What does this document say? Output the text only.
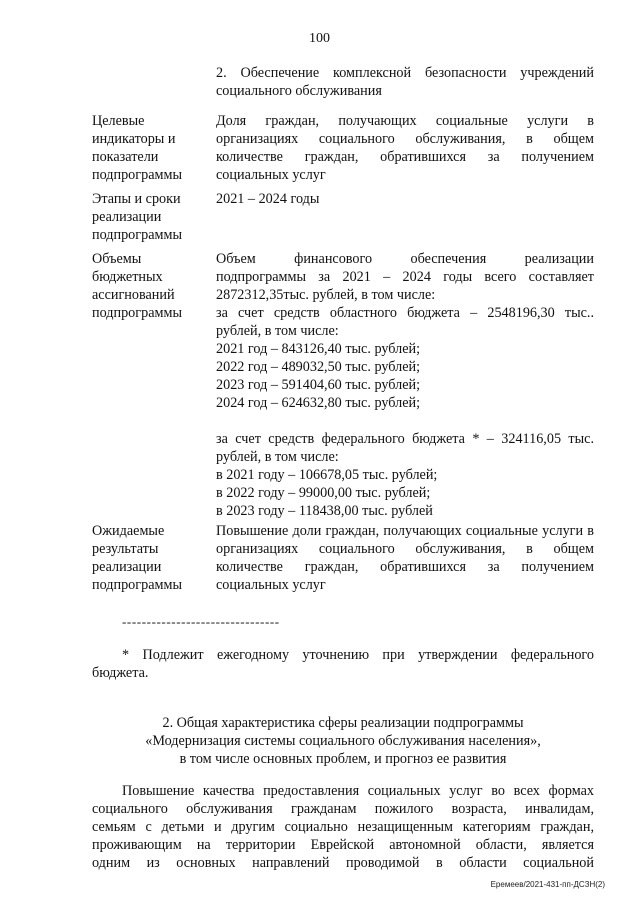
100
2. Обеспечение комплексной безопасности учреждений социального обслуживания
Целевые
индикаторы и
показатели
подпрограммы
Доля граждан, получающих социальные услуги в организациях социального обслуживания, в общем количестве граждан, обратившихся за получением социальных услуг
Этапы и сроки
реализации
подпрограммы
2021 – 2024 годы
Объемы
бюджетных
ассигнований
подпрограммы
Объем финансового обеспечения реализации
подпрограммы за 2021 – 2024 годы всего составляет
2872312,35тыс. рублей, в том числе:
за счет средств областного бюджета – 2548196,30 тыс..
рублей, в том числе:
2021 год – 843126,40 тыс. рублей;
2022 год – 489032,50 тыс. рублей;
2023 год – 591404,60 тыс. рублей;
2024 год – 624632,80 тыс. рублей;
за счет средств федерального бюджета * – 324116,05 тыс.
рублей, в том числе:
в 2021 году – 106678,05 тыс. рублей;
в 2022 году – 99000,00 тыс. рублей;
в 2023 году – 118438,00 тыс. рублей
Ожидаемые
результаты
реализации
подпрограммы
Повышение доли граждан, получающих социальные услуги в организациях социального обслуживания, в общем количестве граждан, обратившихся за получением социальных услуг
--------------------------------
* Подлежит ежегодному уточнению при утверждении федерального бюджета.
2. Общая характеристика сферы реализации подпрограммы
«Модернизация системы социального обслуживания населения»,
в том числе основных проблем, и прогноз ее развития
Повышение качества предоставления социальных услуг во всех формах
социального обслуживания гражданам пожилого возраста, инвалидам,
семьям с детьми и другим социально незащищенным категориям граждан,
проживающим на территории Еврейской автономной области, является
одним из основных направлений проводимой в области социальной
Еремеев/2021-431-пп-ДСЗН(2)
